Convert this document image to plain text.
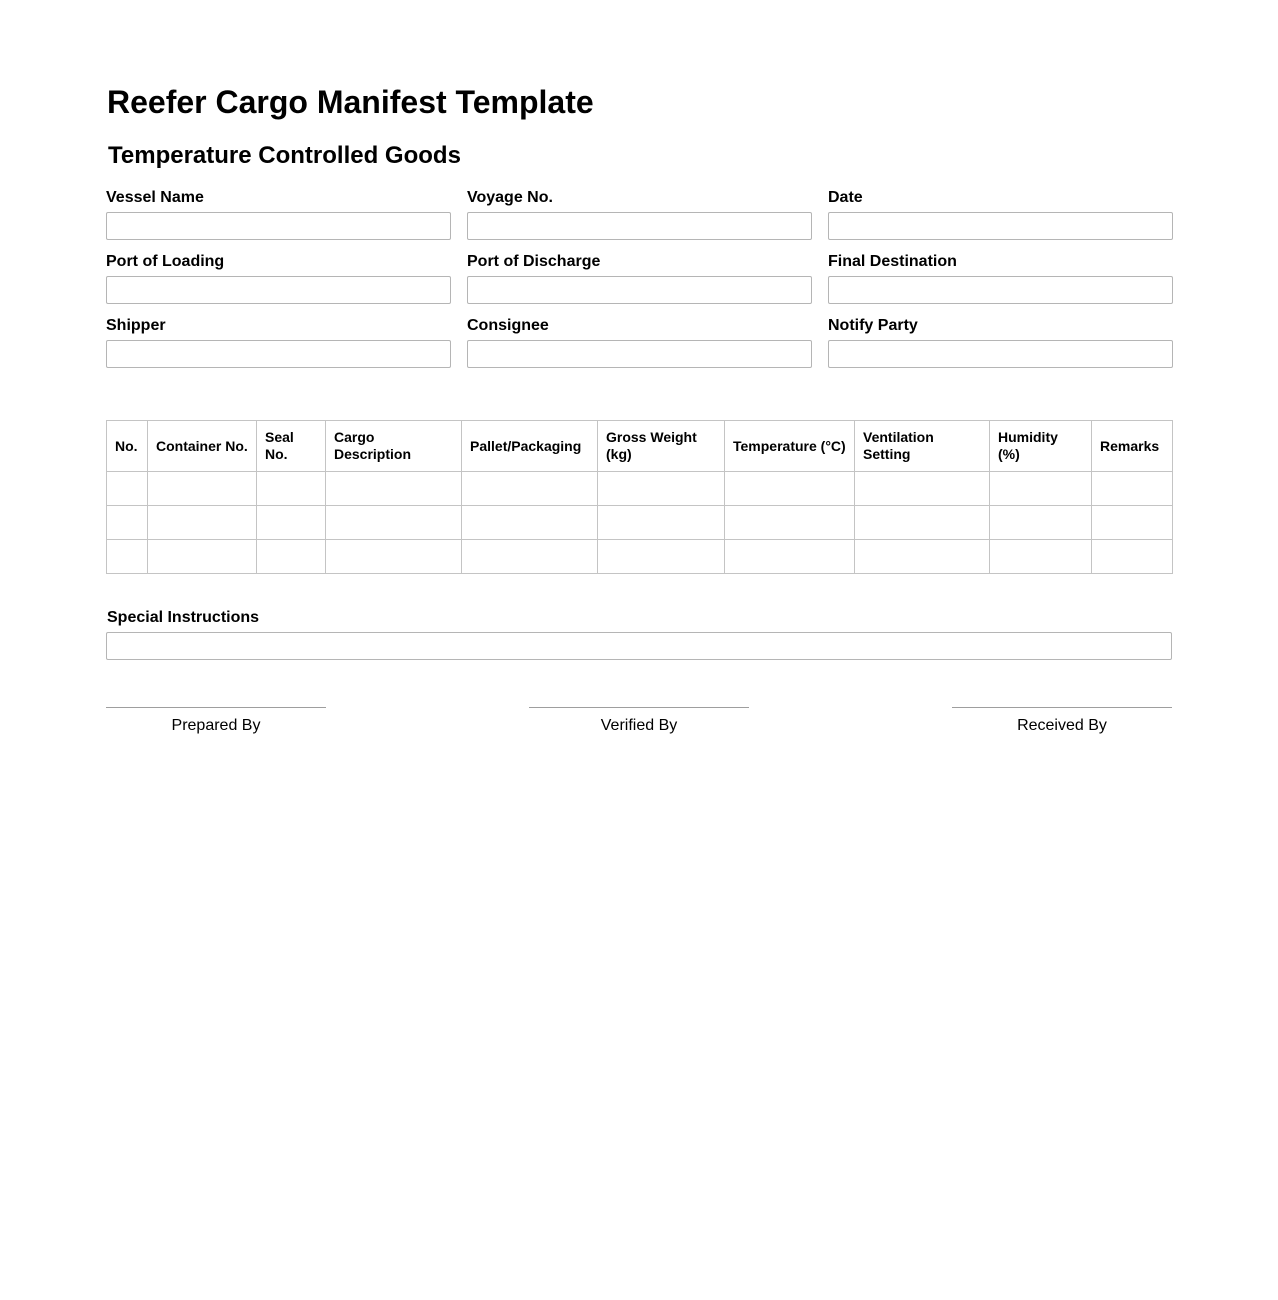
Reefer Cargo Manifest Template
Temperature Controlled Goods
Vessel Name	Voyage No.	Date
Port of Loading	Port of Discharge	Final Destination
Shipper	Consignee	Notify Party
No.	Container No.	Seal No.	Cargo Description	Pallet/Packaging	Gross Weight (kg)	Temperature (°C)	Ventilation Setting	Humidity (%)	Remarks

Special Instructions
Prepared By	Verified By	Received By
